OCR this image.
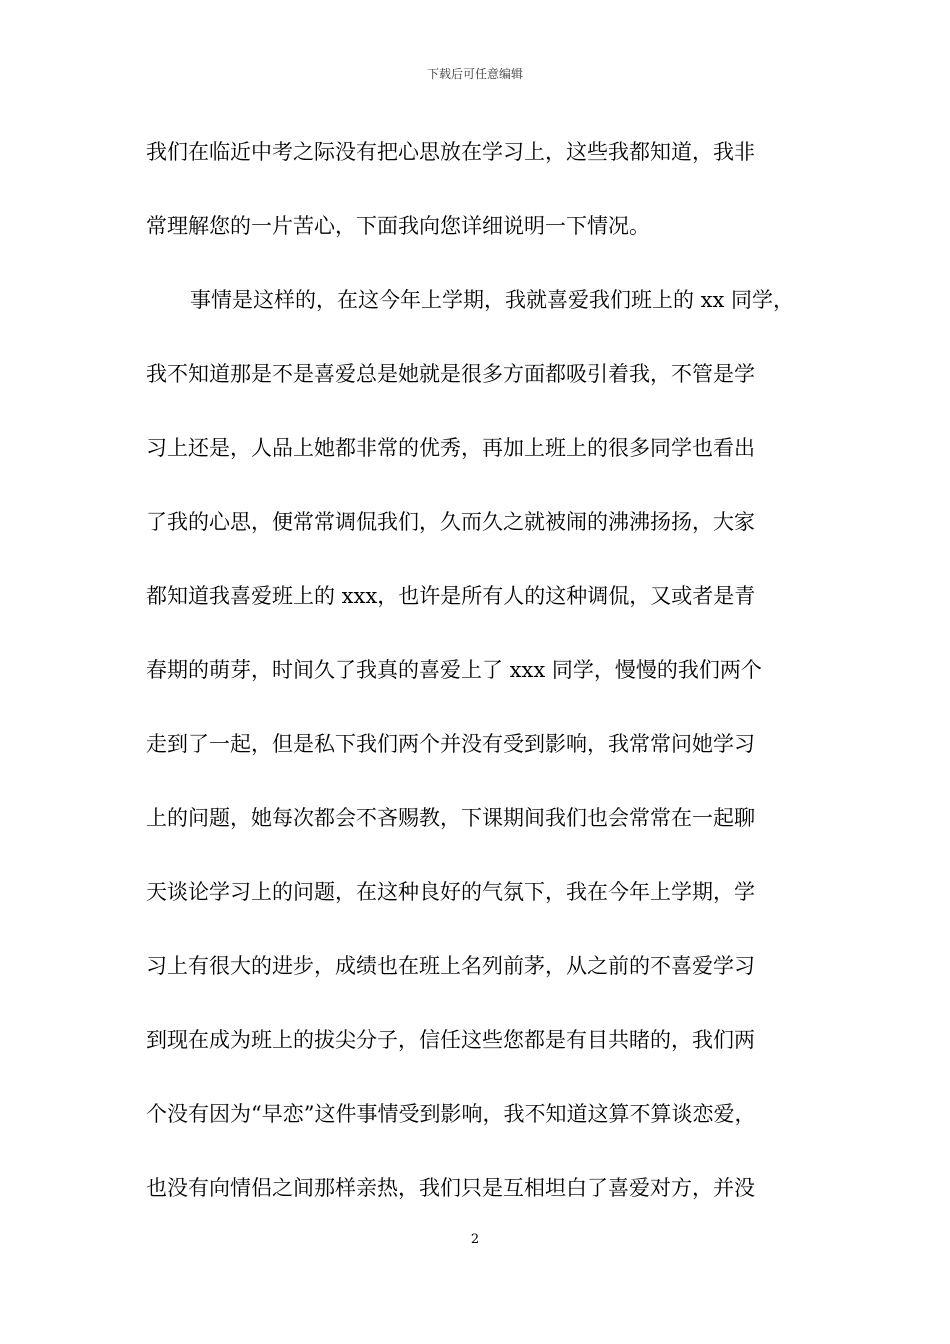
下载后可任意编辑
我们在临近中考之际没有把心思放在学习上，这些我都知道，我非
常理解您的一片苦心，下面我向您详细说明一下情况。
事情是这样的，在这今年上学期，我就喜爱我们班上的 xx 同学，
我不知道那是不是喜爱总是她就是很多方面都吸引着我，不管是学
习上还是，人品上她都非常的优秀，再加上班上的很多同学也看出
了我的心思，便常常调侃我们，久而久之就被闹的沸沸扬扬，大家
都知道我喜爱班上的 xxx，也许是所有人的这种调侃，又或者是青
春期的萌芽，时间久了我真的喜爱上了 xxx 同学，慢慢的我们两个
走到了一起，但是私下我们两个并没有受到影响，我常常问她学习
上的问题，她每次都会不吝赐教，下课期间我们也会常常在一起聊
天谈论学习上的问题，在这种良好的气氛下，我在今年上学期，学
习上有很大的进步，成绩也在班上名列前茅，从之前的不喜爱学习
到现在成为班上的拔尖分子，信任这些您都是有目共睹的，我们两
个没有因为“早恋”这件事情受到影响，我不知道这算不算谈恋爱，
也没有向情侣之间那样亲热，我们只是互相坦白了喜爱对方，并没
2
